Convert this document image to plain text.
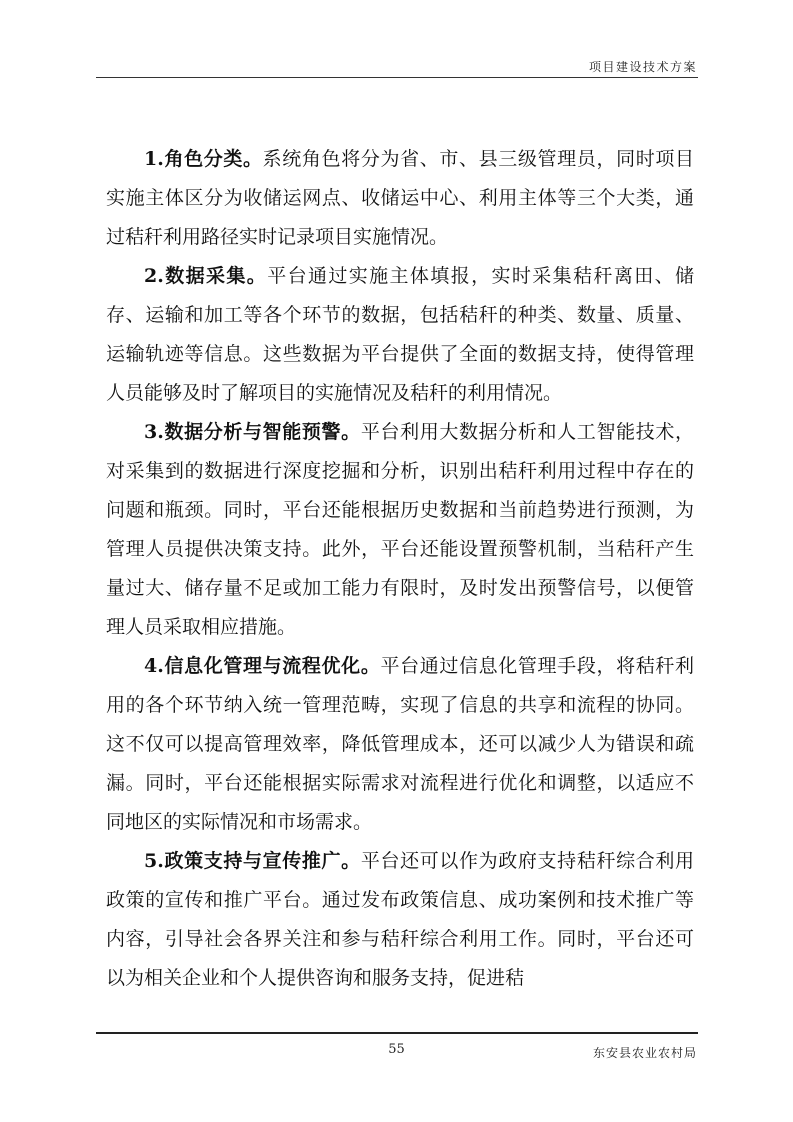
项目建设技术方案

1.角色分类。系统角色将分为省、市、县三级管理员，同时项目实施主体区分为收储运网点、收储运中心、利用主体等三个大类，通过秸秆利用路径实时记录项目实施情况。

2.数据采集。平台通过实施主体填报，实时采集秸秆离田、储存、运输和加工等各个环节的数据，包括秸秆的种类、数量、质量、运输轨迹等信息。这些数据为平台提供了全面的数据支持，使得管理人员能够及时了解项目的实施情况及秸秆的利用情况。

3.数据分析与智能预警。平台利用大数据分析和人工智能技术，对采集到的数据进行深度挖掘和分析，识别出秸秆利用过程中存在的问题和瓶颈。同时，平台还能根据历史数据和当前趋势进行预测，为管理人员提供决策支持。此外，平台还能设置预警机制，当秸秆产生量过大、储存量不足或加工能力有限时，及时发出预警信号，以便管理人员采取相应措施。

4.信息化管理与流程优化。平台通过信息化管理手段，将秸秆利用的各个环节纳入统一管理范畴，实现了信息的共享和流程的协同。这不仅可以提高管理效率，降低管理成本，还可以减少人为错误和疏漏。同时，平台还能根据实际需求对流程进行优化和调整，以适应不同地区的实际情况和市场需求。

5.政策支持与宣传推广。平台还可以作为政府支持秸秆综合利用政策的宣传和推广平台。通过发布政策信息、成功案例和技术推广等内容，引导社会各界关注和参与秸秆综合利用工作。同时，平台还可以为相关企业和个人提供咨询和服务支持，促进秸

55	东安县农业农村局
